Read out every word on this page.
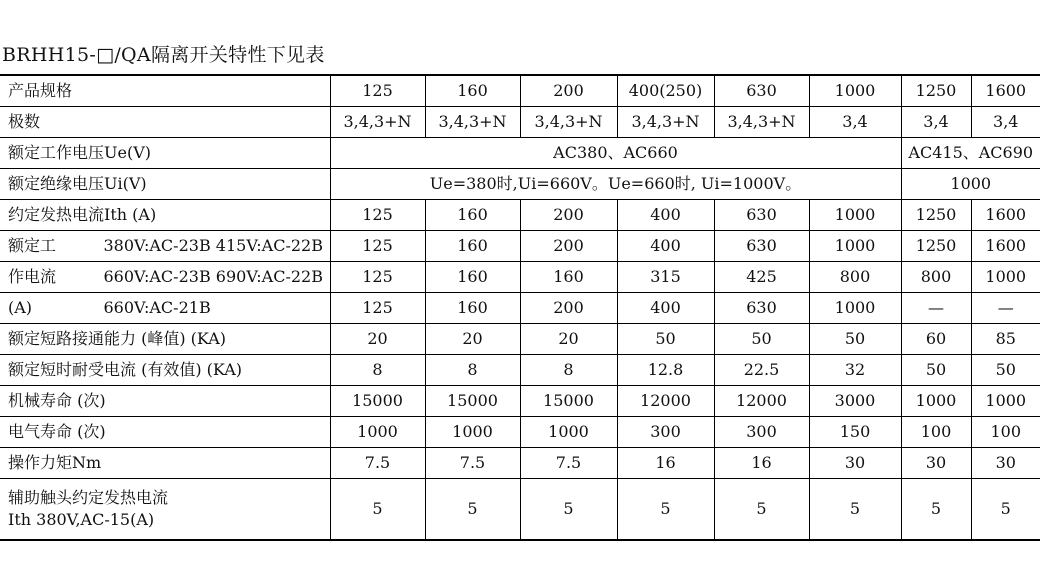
BRHH15-□/QA隔离开关特性下见表
产品规格	125	160	200	400(250)	630	1000	1250	1600
极数	3,4,3+N	3,4,3+N	3,4,3+N	3,4,3+N	3,4,3+N	3,4	3,4	3,4
额定工作电压Ue(V)	AC380、AC660						AC415、AC690	
额定绝缘电压Ui(V)	Ue=380时,Ui=660V。Ue=660时, Ui=1000V。						1000	
约定发热电流Ith (A)	125	160	200	400	630	1000	1250	1600

额定工 380V:AC-23B 415V:AC-22B	125	160	200	400	630	1000	1250	1600

作电流 660V:AC-23B 690V:AC-22B	125	160	160	315	425	800	800	1000

(A) 660V:AC-21B	125	160	200	400	630	1000	—	—
额定短路接通能力 (峰值) (KA)	20	20	20	50	50	50	60	85
额定短时耐受电流 (有效值) (KA)	8	8	8	12.8	22.5	32	50	50
机械寿命 (次)	15000	15000	15000	12000	12000	3000	1000	1000
电气寿命 (次)	1000	1000	1000	300	300	150	100	100
操作力矩Nm	7.5	7.5	7.5	16	16	30	30	30

辅助触头约定发热电流
Ith 380V,AC-15(A)	5	5	5	5	5	5	5	5
